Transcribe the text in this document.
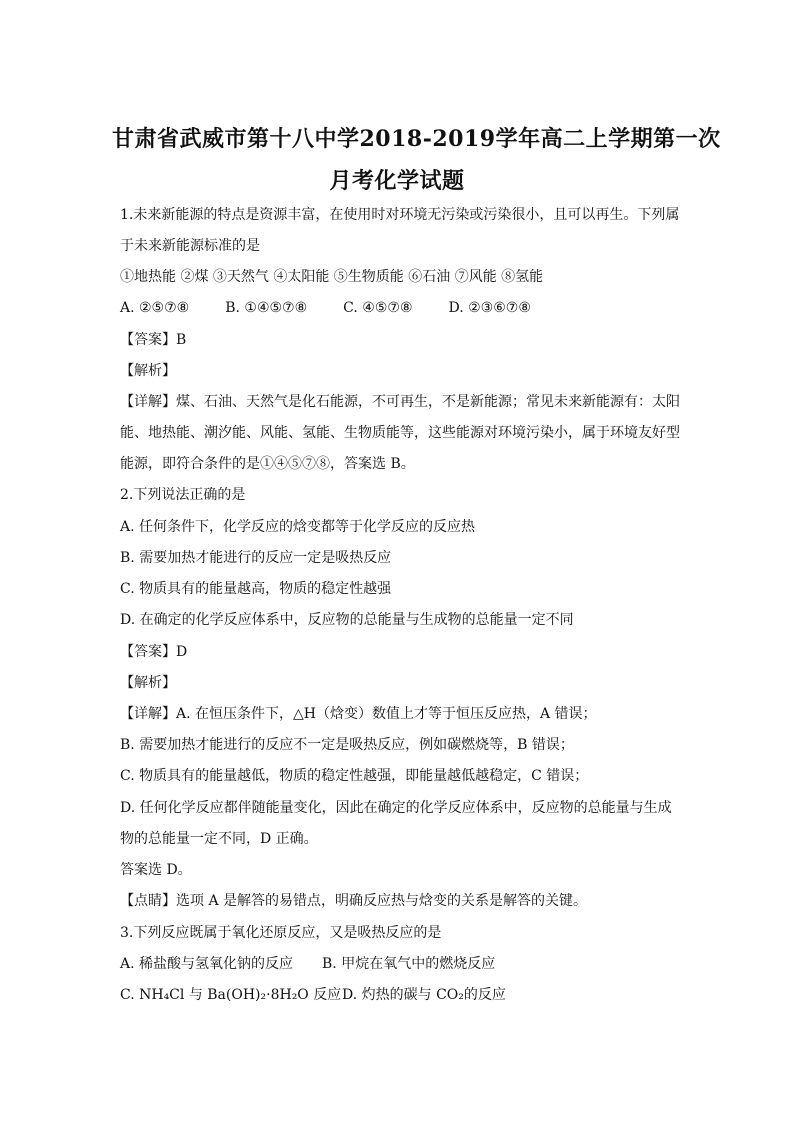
甘肃省武威市第十八中学2018-2019学年高二上学期第一次
月考化学试题
1.未来新能源的特点是资源丰富，在使用时对环境无污染或污染很小，且可以再生。下列属
于未来新能源标准的是
①地热能 ②煤 ③天然气 ④太阳能 ⑤生物质能 ⑥石油 ⑦风能 ⑧氢能
A. ②⑤⑦⑧	B. ①④⑤⑦⑧	C. ④⑤⑦⑧	D. ②③⑥⑦⑧
【答案】B
【解析】
【详解】煤、石油、天然气是化石能源，不可再生，不是新能源；常见未来新能源有：太阳
能、地热能、潮汐能、风能、氢能、生物质能等，这些能源对环境污染小，属于环境友好型
能源，即符合条件的是①④⑤⑦⑧，答案选 B。
2.下列说法正确的是
A. 任何条件下，化学反应的焓变都等于化学反应的反应热
B. 需要加热才能进行的反应一定是吸热反应
C. 物质具有的能量越高，物质的稳定性越强
D. 在确定的化学反应体系中，反应物的总能量与生成物的总能量一定不同
【答案】D
【解析】
【详解】A. 在恒压条件下，△H（焓变）数值上才等于恒压反应热，A 错误；
B. 需要加热才能进行的反应不一定是吸热反应，例如碳燃烧等，B 错误；
C. 物质具有的能量越低，物质的稳定性越强，即能量越低越稳定，C 错误；
D. 任何化学反应都伴随能量变化，因此在确定的化学反应体系中，反应物的总能量与生成
物的总能量一定不同，D 正确。
答案选 D。
【点睛】选项 A 是解答的易错点，明确反应热与焓变的关系是解答的关键。
3.下列反应既属于氧化还原反应，又是吸热反应的是
A. 稀盐酸与氢氧化钠的反应 B. 甲烷在氧气中的燃烧反应
C. NH₄Cl 与 Ba(OH)₂·8H₂O 反应D. 灼热的碳与 CO₂的反应
